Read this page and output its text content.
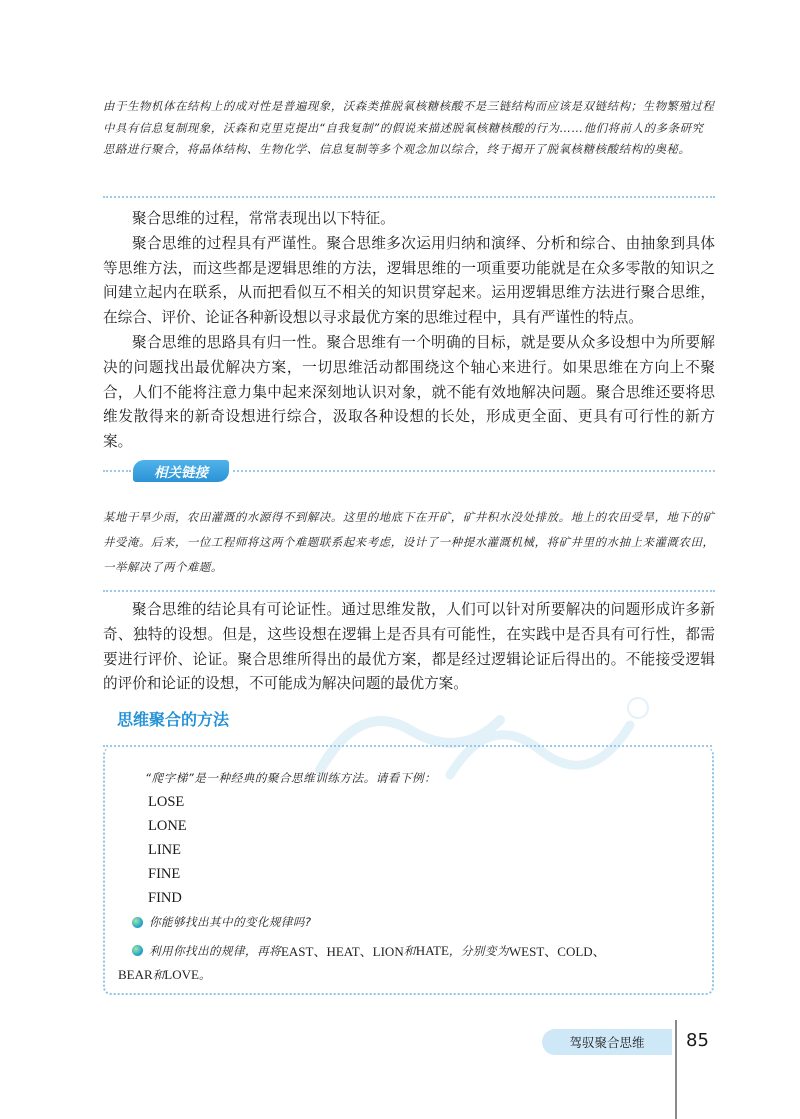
由于生物机体在结构上的成对性是普遍现象，沃森类推脱氧核糖核酸不是三链结构而应该是双链结构；生物繁殖过程中具有信息复制现象，沃森和克里克提出“自我复制”的假说来描述脱氧核糖核酸的行为……他们将前人的多条研究思路进行聚合，将晶体结构、生物化学、信息复制等多个观念加以综合，终于揭开了脱氧核糖核酸结构的奥秘。

聚合思维的过程，常常表现出以下特征。

聚合思维的过程具有严谨性。聚合思维多次运用归纳和演绎、分析和综合、由抽象到具体等思维方法，而这些都是逻辑思维的方法，逻辑思维的一项重要功能就是在众多零散的知识之间建立起内在联系，从而把看似互不相关的知识贯穿起来。运用逻辑思维方法进行聚合思维，在综合、评价、论证各种新设想以寻求最优方案的思维过程中，具有严谨性的特点。

聚合思维的思路具有归一性。聚合思维有一个明确的目标，就是要从众多设想中为所要解决的问题找出最优解决方案，一切思维活动都围绕这个轴心来进行。如果思维在方向上不聚合，人们不能将注意力集中起来深刻地认识对象，就不能有效地解决问题。聚合思维还要将思维发散得来的新奇设想进行综合，汲取各种设想的长处，形成更全面、更具有可行性的新方案。

相关链接
某地干旱少雨，农田灌溉的水源得不到解决。这里的地底下在开矿，矿井积水没处排放。地上的农田受旱，地下的矿井受淹。后来，一位工程师将这两个难题联系起来考虑，设计了一种提水灌溉机械，将矿井里的水抽上来灌溉农田，一举解决了两个难题。

聚合思维的结论具有可论证性。通过思维发散，人们可以针对所要解决的问题形成许多新奇、独特的设想。但是，这些设想在逻辑上是否具有可能性，在实践中是否具有可行性，都需要进行评价、论证。聚合思维所得出的最优方案，都是经过逻辑论证后得出的。不能接受逻辑的评价和论证的设想，不可能成为解决问题的最优方案。

思维聚合的方法
“爬字梯”是一种经典的聚合思维训练方法。请看下例：
LOSE
LONE
LINE
FINE
FIND
你能够找出其中的变化规律吗?
利用你找出的规律，再将 EAST、HEAT、LION 和 HATE ，分别变为 WEST、COLD、
BEAR和LOVE。
驾驭聚合思维	85
